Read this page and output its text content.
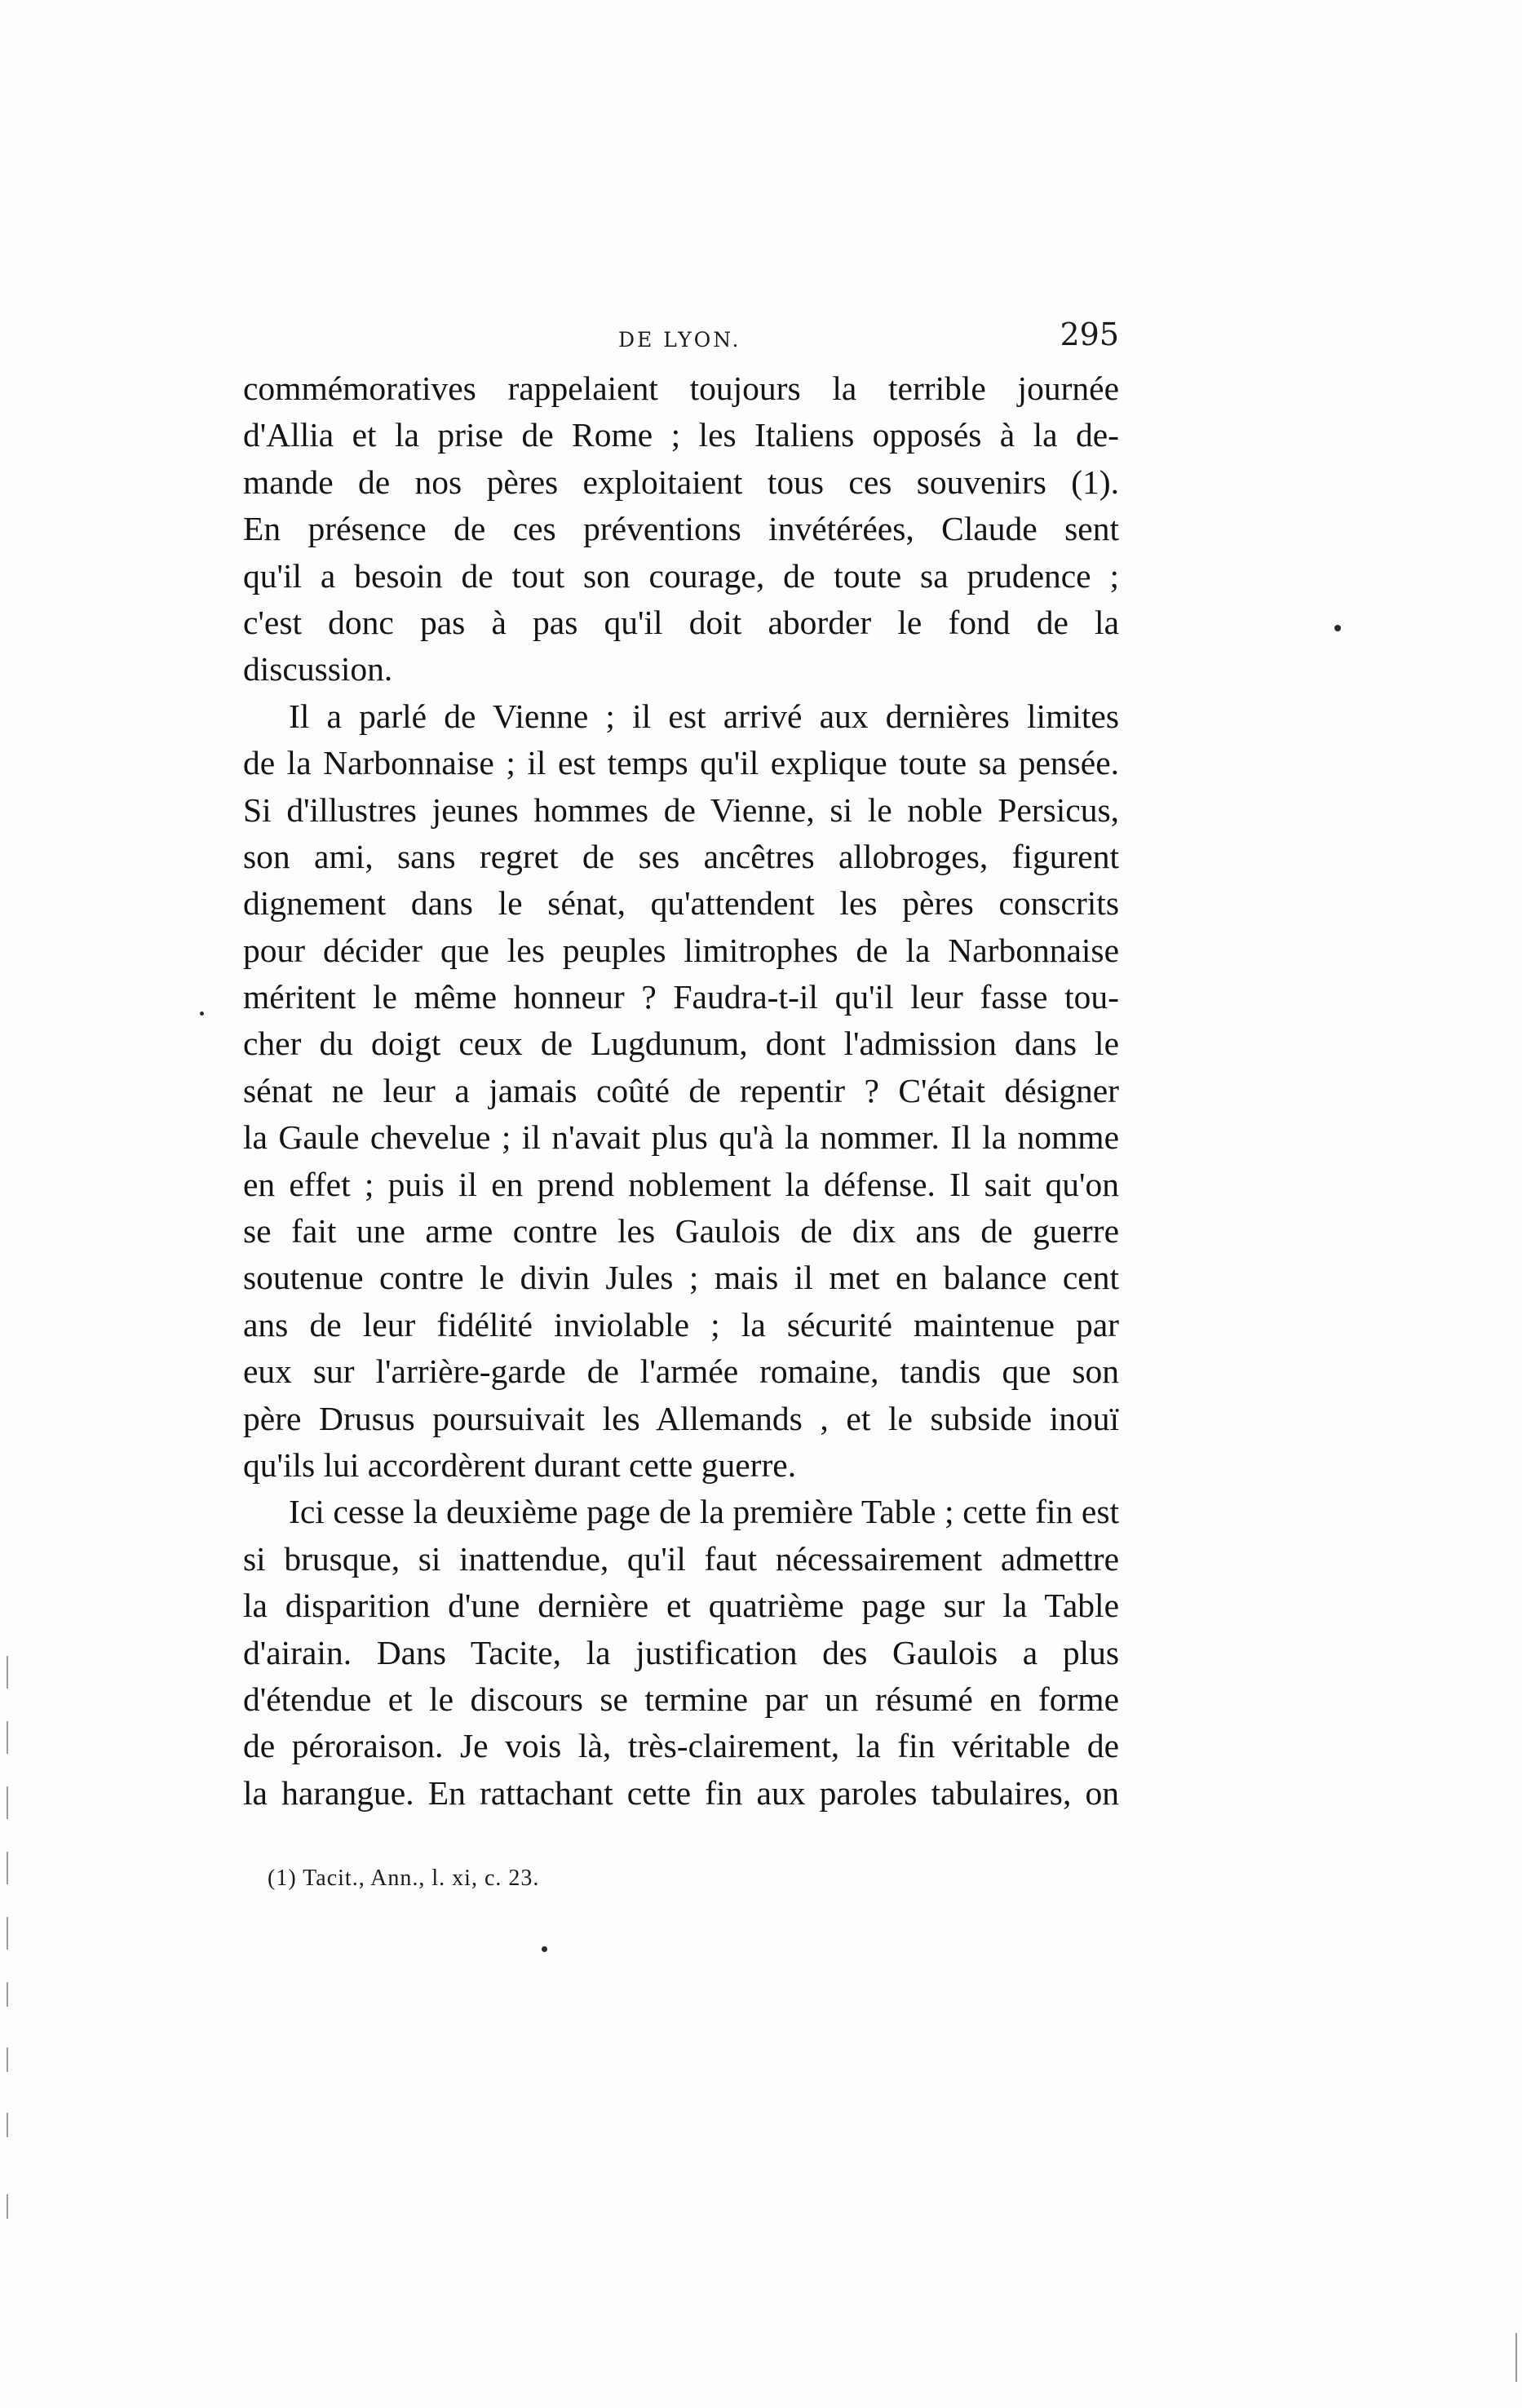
DE LYON.	295

commémoratives rappelaient toujours la terrible journée
d'Allia et la prise de Rome ; les Italiens opposés à la de-
mande de nos pères exploitaient tous ces souvenirs (1).
En présence de ces préventions invétérées, Claude sent
qu'il a besoin de tout son courage, de toute sa prudence ;
c'est donc pas à pas qu'il doit aborder le fond de la
discussion.

Il a parlé de Vienne ; il est arrivé aux dernières limites
de la Narbonnaise ; il est temps qu'il explique toute sa pensée.
Si d'illustres jeunes hommes de Vienne, si le noble Persicus,
son ami, sans regret de ses ancêtres allobroges, figurent
dignement dans le sénat, qu'attendent les pères conscrits
pour décider que les peuples limitrophes de la Narbonnaise
méritent le même honneur ? Faudra-t-il qu'il leur fasse tou-
cher du doigt ceux de Lugdunum, dont l'admission dans le
sénat ne leur a jamais coûté de repentir ? C'était désigner
la Gaule chevelue ; il n'avait plus qu'à la nommer. Il la nomme
en effet ; puis il en prend noblement la défense. Il sait qu'on
se fait une arme contre les Gaulois de dix ans de guerre
soutenue contre le divin Jules ; mais il met en balance cent
ans de leur fidélité inviolable ; la sécurité maintenue par
eux sur l'arrière-garde de l'armée romaine, tandis que son
père Drusus poursuivait les Allemands , et le subside inouï
qu'ils lui accordèrent durant cette guerre.

Ici cesse la deuxième page de la première Table ; cette fin est
si brusque, si inattendue, qu'il faut nécessairement admettre
la disparition d'une dernière et quatrième page sur la Table
d'airain. Dans Tacite, la justification des Gaulois a plus
d'étendue et le discours se termine par un résumé en forme
de péroraison. Je vois là, très-clairement, la fin véritable de
la harangue. En rattachant cette fin aux paroles tabulaires, on

(1) Tacit., Ann., l. xi, c. 23.
